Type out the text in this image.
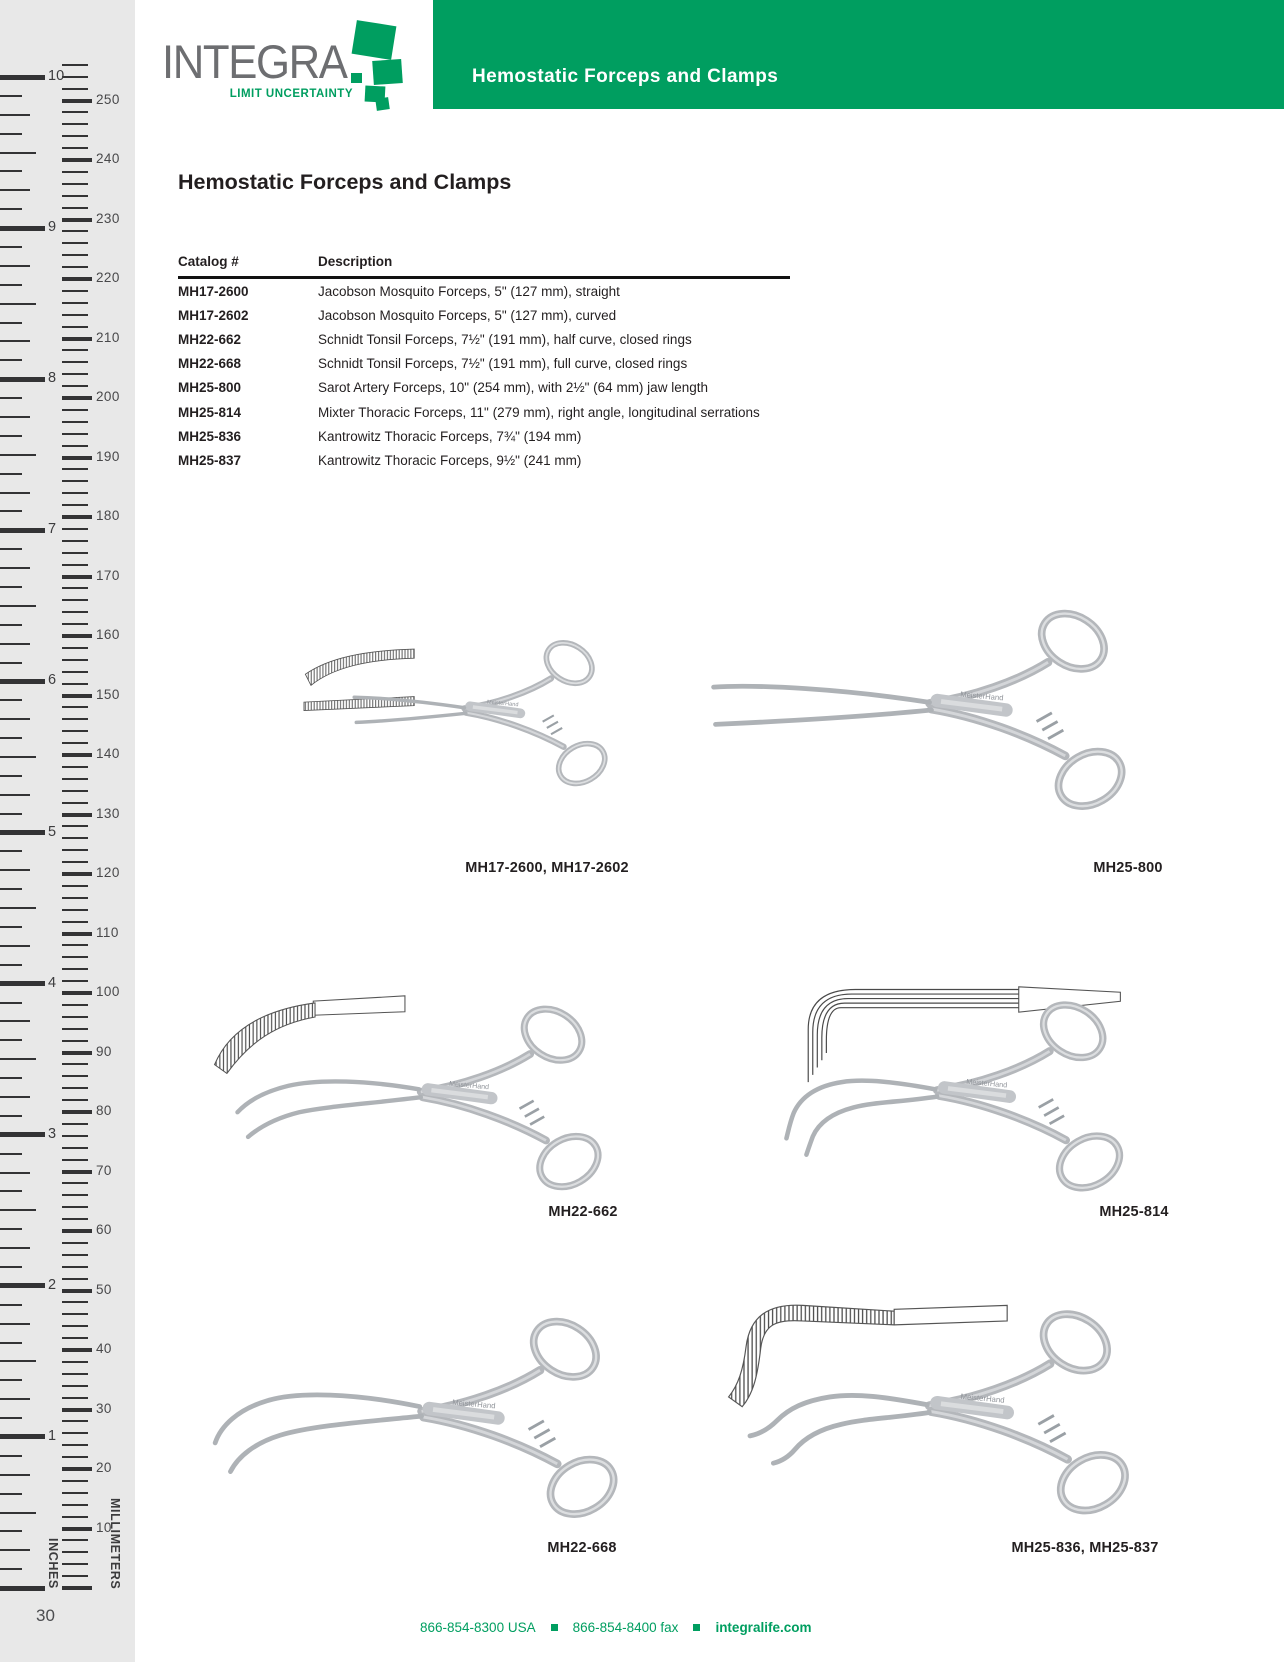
INCHES	MILLIMETERS
10
20
30
40
50
60
70
80
90
100
110
120
130
140
150
160
170
180
190
200
210
220
230
240
250
1
2
3
4
5
6
7
8
9
10 INTEGRA
LIMIT UNCERTAINTY
Hemostatic Forceps and Clamps
Hemostatic Forceps and Clamps
Catalog #	Description
MH17-2600	Jacobson Mosquito Forceps, 5" (127 mm), straight
MH17-2602	Jacobson Mosquito Forceps, 5" (127 mm), curved
MH22-662	Schnidt Tonsil Forceps, 7½" (191 mm), half curve, closed rings
MH22-668	Schnidt Tonsil Forceps, 7½" (191 mm), full curve, closed rings
MH25-800	Sarot Artery Forceps, 10" (254 mm), with 2½" (64 mm) jaw length
MH25-814	Mixter Thoracic Forceps, 11" (279 mm), right angle, longitudinal serrations
MH25-836	Kantrowitz Thoracic Forceps, 7¾" (194 mm)
MH25-837	Kantrowitz Thoracic Forceps, 9½" (241 mm)
MeisterHand
MH17-2600, MH17-2602
MeisterHand
MH25-800
MeisterHand
MH22-662
MeisterHand
MH25-814
MeisterHand
MH22-668
MeisterHand
MH25-836, MH25-837
866-854-8300 USA	866-854-8400 fax	integralife.com
30
